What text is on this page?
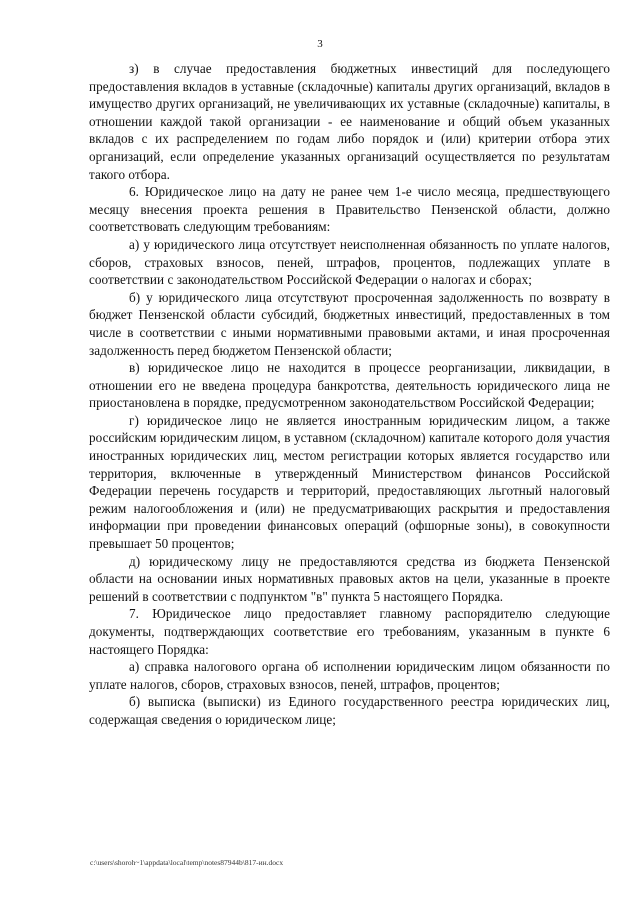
3

з) в случае предоставления бюджетных инвестиций для последующего предоставления вкладов в уставные (складочные) капиталы других организаций, вкладов в имущество других организаций, не увеличивающих их уставные (складочные) капиталы, в отношении каждой такой организации - ее наименование и общий объем указанных вкладов с их распределением по годам либо порядок и (или) критерии отбора этих организаций, если определение указанных организаций осуществляется по результатам такого отбора.

6. Юридическое лицо на дату не ранее чем 1-е число месяца, предшествующего месяцу внесения проекта решения в Правительство Пензенской области, должно соответствовать следующим требованиям:

а) у юридического лица отсутствует неисполненная обязанность по уплате налогов, сборов, страховых взносов, пеней, штрафов, процентов, подлежащих уплате в соответствии с законодательством Российской Федерации о налогах и сборах;

б) у юридического лица отсутствуют просроченная задолженность по возврату в бюджет Пензенской области субсидий, бюджетных инвестиций, предоставленных в том числе в соответствии с иными нормативными правовыми актами, и иная просроченная задолженность перед бюджетом Пензенской области;

в) юридическое лицо не находится в процессе реорганизации, ликвидации, в отношении его не введена процедура банкротства, деятельность юридического лица не приостановлена в порядке, предусмотренном законодательством Российской Федерации;

г) юридическое лицо не является иностранным юридическим лицом, а также российским юридическим лицом, в уставном (складочном) капитале которого доля участия иностранных юридических лиц, местом регистрации которых является государство или территория, включенные в утвержденный Министерством финансов Российской Федерации перечень государств и территорий, предоставляющих льготный налоговый режим налогообложения и (или) не предусматривающих раскрытия и предоставления информации при проведении финансовых операций (офшорные зоны), в совокупности превышает 50 процентов;

д) юридическому лицу не предоставляются средства из бюджета Пензенской области на основании иных нормативных правовых актов на цели, указанные в проекте решений в соответствии с подпунктом "в" пункта 5 настоящего Порядка.

7. Юридическое лицо предоставляет главному распорядителю следующие документы, подтверждающих соответствие его требованиям, указанным в пункте 6 настоящего Порядка:

а) справка налогового органа об исполнении юридическим лицом обязанности по уплате налогов, сборов, страховых взносов, пеней, штрафов, процентов;

б) выписка (выписки) из Единого государственного реестра юридических лиц, содержащая сведения о юридическом лице;

c:\users\shoroh~1\appdata\local\temp\notes87944b\817-ин.docx
